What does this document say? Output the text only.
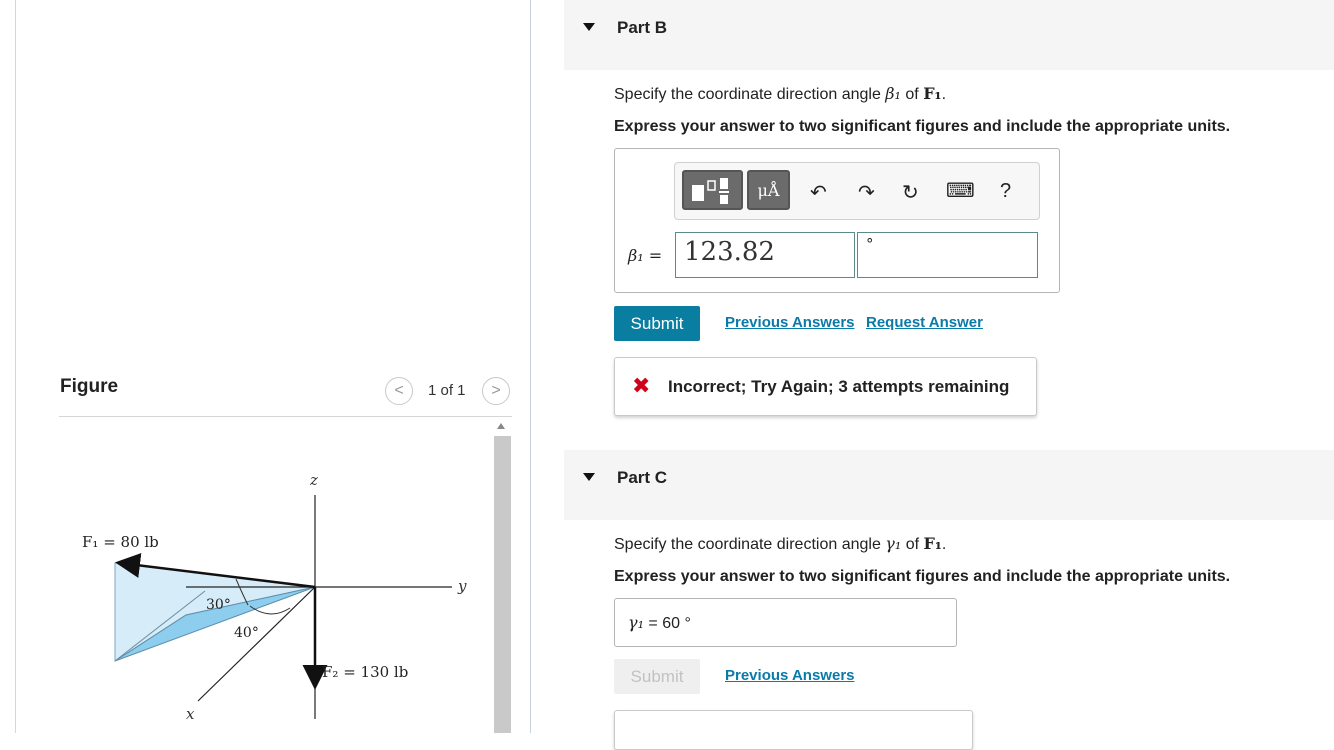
Figure	<	1 of 1	>
z
y
x
F₁ = 80 lb
F₂ = 130 lb
30°
40°
Part B
Specify the coordinate direction angle β₁ of F₁.
Express your answer to two significant figures and include the appropriate units.
μÅ	↶ ↷ ↻ ⌨ ?
β₁ = 123.82	°
Submit	Previous Answers Request Answer
✖ Incorrect; Try Again; 3 attempts remaining
Part C
Specify the coordinate direction angle γ₁ of F₁.
Express your answer to two significant figures and include the appropriate units.
γ₁ = 60 °
Submit	Previous Answers
